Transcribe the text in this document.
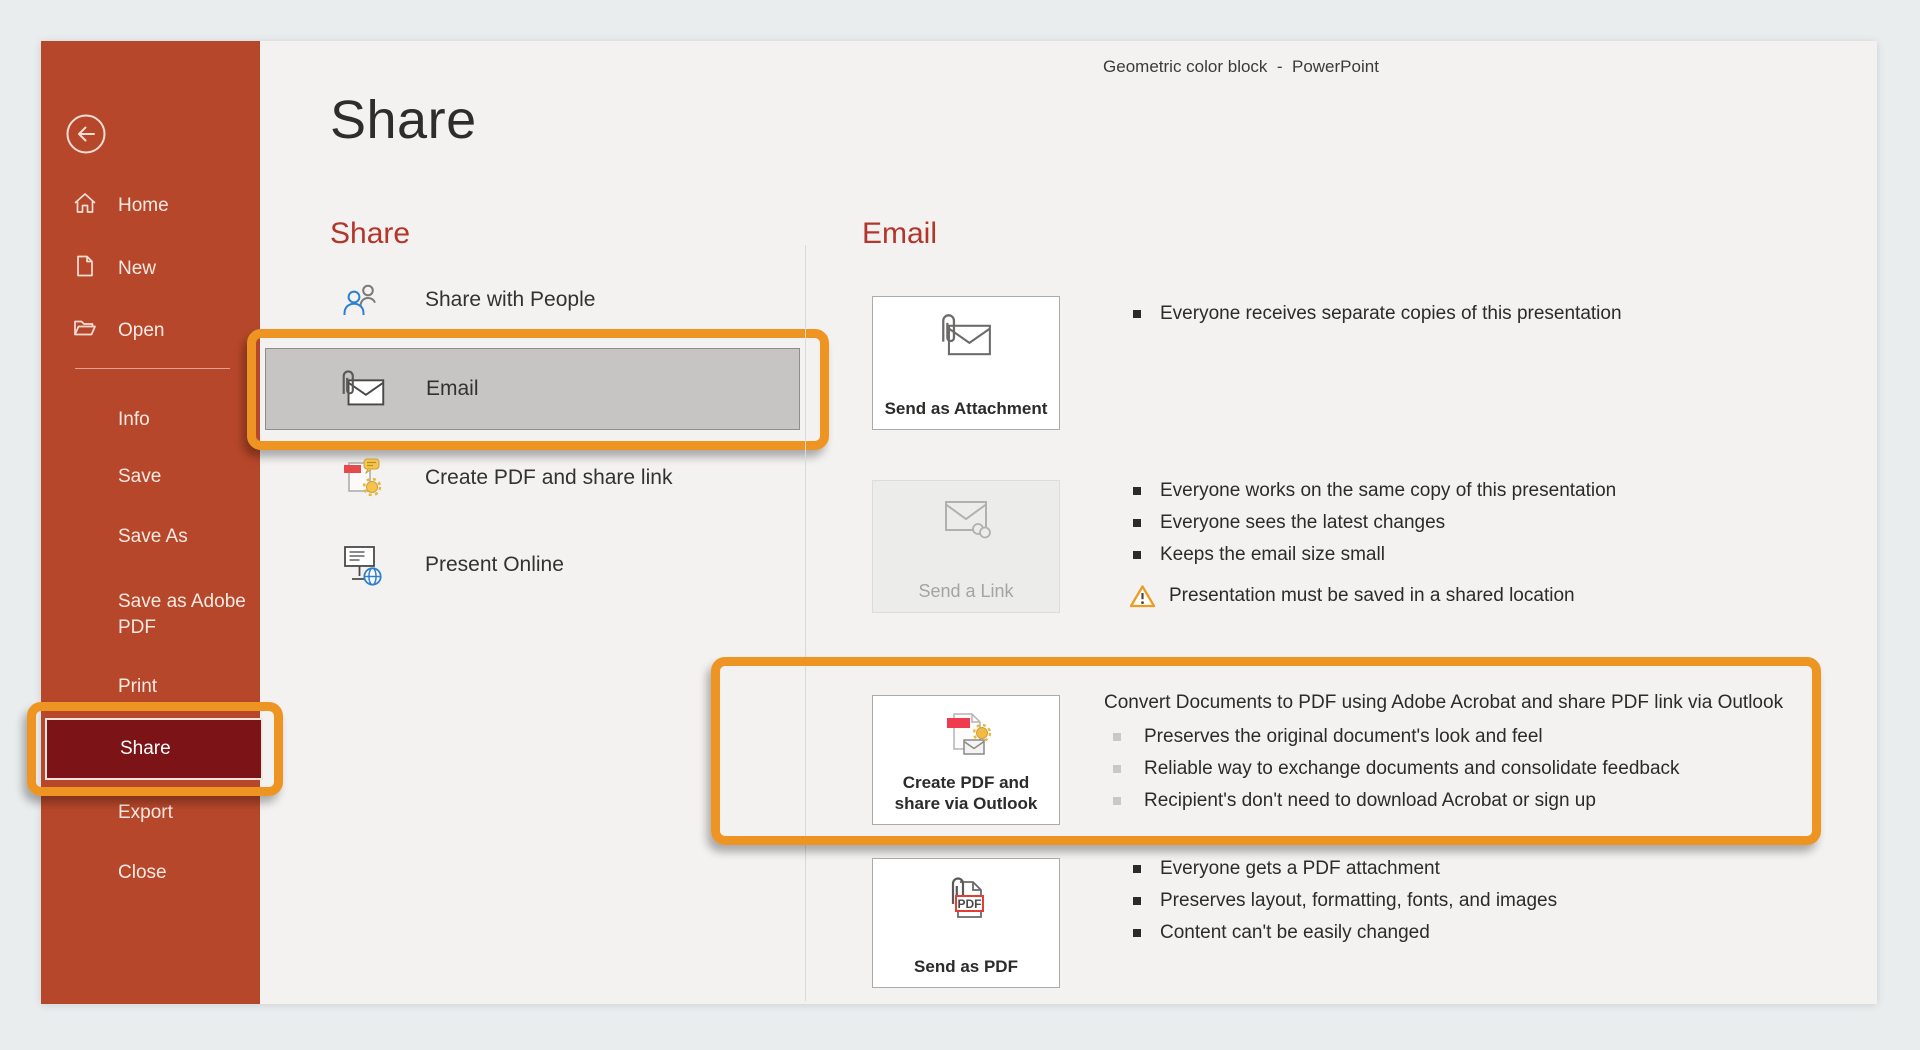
Geometric color block  -  PowerPoint
Home
New
Open
Info
Save
Save As
Save as Adobe PDF
Print
Share
Export
Close
Share
Share
Share with People
Email
Create PDF and share link
Present Online
Email
Send as Attachment
Everyone receives separate copies of this presentation
Send a Link
Everyone works on the same copy of this presentation
Everyone sees the latest changes
Keeps the email size small
Presentation must be saved in a shared location
Create PDF and share via Outlook
Convert Documents to PDF using Adobe Acrobat and share PDF link via Outlook
Preserves the original document's look and feel
Reliable way to exchange documents and consolidate feedback
Recipient's don't need to download Acrobat or sign up
PDF
Send as PDF
Everyone gets a PDF attachment
Preserves layout, formatting, fonts, and images
Content can't be easily changed
